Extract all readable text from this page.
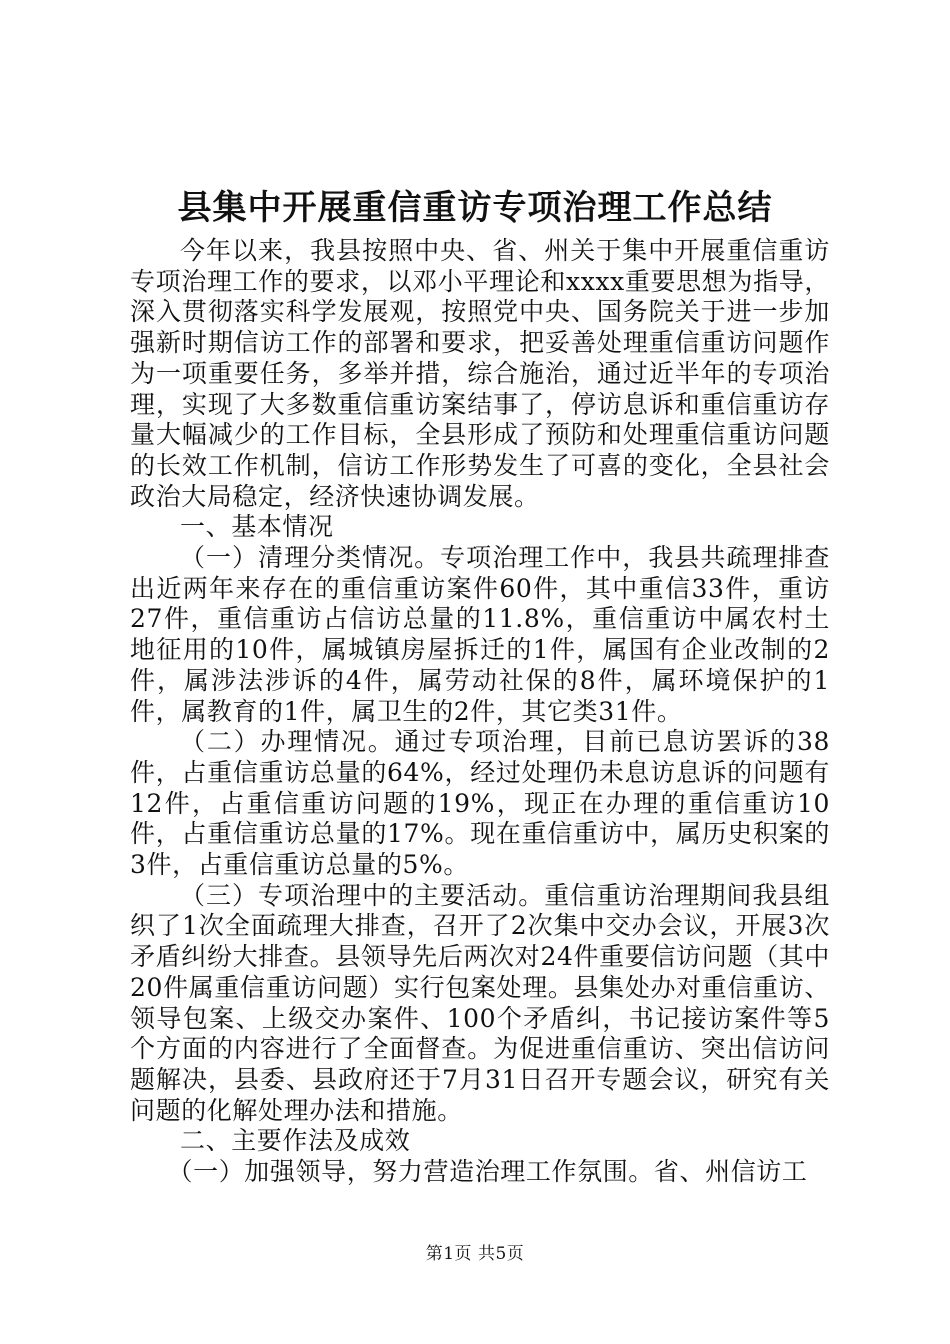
县集中开展重信重访专项治理工作总结

今年以来，我县按照中央、省、州关于集中开展重信重访专项治理工作的要求，以邓小平理论和xxxx重要思想为指导，深入贯彻落实科学发展观，按照党中央、国务院关于进一步加强新时期信访工作的部署和要求，把妥善处理重信重访问题作为一项重要任务，多举并措，综合施治，通过近半年的专项治理，实现了大多数重信重访案结事了，停访息诉和重信重访存量大幅减少的工作目标，全县形成了预防和处理重信重访问题的长效工作机制，信访工作形势发生了可喜的变化，全县社会政治大局稳定，经济快速协调发展。

一、基本情况

（一）清理分类情况。专项治理工作中，我县共疏理排查出近两年来存在的重信重访案件60件，其中重信33件，重访27件，重信重访占信访总量的11.8%，重信重访中属农村土地征用的10件，属城镇房屋拆迁的1件，属国有企业改制的2件，属涉法涉诉的4件，属劳动社保的8件，属环境保护的1件，属教育的1件，属卫生的2件，其它类31件。

（二）办理情况。通过专项治理，目前已息访罢诉的38件，占重信重访总量的64%，经过处理仍未息访息诉的问题有12件，占重信重访问题的19%，现正在办理的重信重访10件，占重信重访总量的17%。现在重信重访中，属历史积案的3件，占重信重访总量的5%。

（三）专项治理中的主要活动。重信重访治理期间我县组织了1次全面疏理大排查，召开了2次集中交办会议，开展3次矛盾纠纷大排查。县领导先后两次对24件重要信访问题（其中20件属重信重访问题）实行包案处理。县集处办对重信重访、领导包案、上级交办案件、100个矛盾纠，书记接访案件等5个方面的内容进行了全面督查。为促进重信重访、突出信访问题解决，县委、县政府还于7月31日召开专题会议，研究有关问题的化解处理办法和措施。

二、主要作法及成效

（一）加强领导，努力营造治理工作氛围。省、州信访工

第1页 共5页
